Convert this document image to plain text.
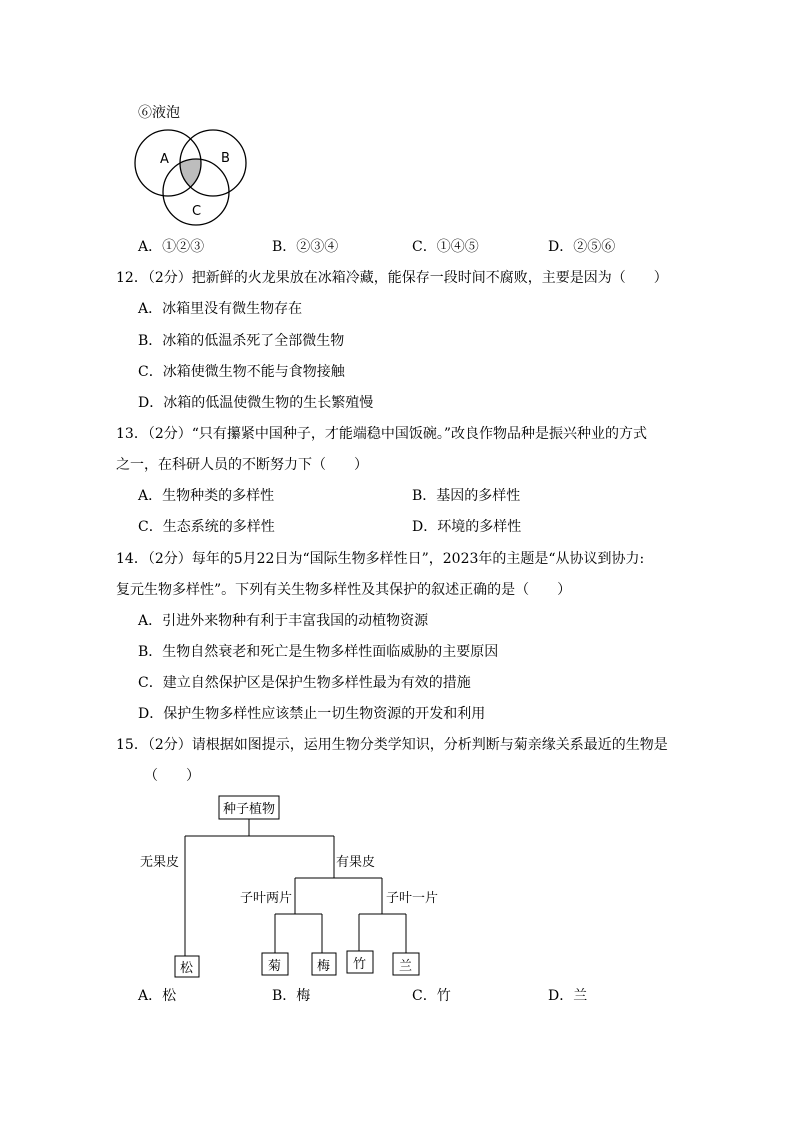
⑥液泡
A	B
C
A．①②③	B．②③④	C．①④⑤	D．②⑤⑥
12．（2分）把新鲜的火龙果放在冰箱冷藏，能保存一段时间不腐败，主要是因为（　　）
A．冰箱里没有微生物存在
B．冰箱的低温杀死了全部微生物
C．冰箱使微生物不能与食物接触
D．冰箱的低温使微生物的生长繁殖慢
13．（2分）“只有攥紧中国种子，才能端稳中国饭碗。”改良作物品种是振兴种业的方式
之一，在科研人员的不断努力下（　　）
A．生物种类的多样性	B．基因的多样性
C．生态系统的多样性	D．环境的多样性
14．（2分）每年的5月22日为“国际生物多样性日”，2023年的主题是“从协议到协力:
复元生物多样性”。下列有关生物多样性及其保护的叙述正确的是（　　）
A．引进外来物种有利于丰富我国的动植物资源
B．生物自然衰老和死亡是生物多样性面临威胁的主要原因
C．建立自然保护区是保护生物多样性最为有效的措施
D．保护生物多样性应该禁止一切生物资源的开发和利用
15．（2分）请根据如图提示，运用生物分类学知识，分析判断与菊亲缘关系最近的生物是
（　　）
种子植物
无果皮	有果皮
子叶两片	子叶一片
松	菊	梅 竹	兰
A．松	B．梅	C．竹	D．兰
